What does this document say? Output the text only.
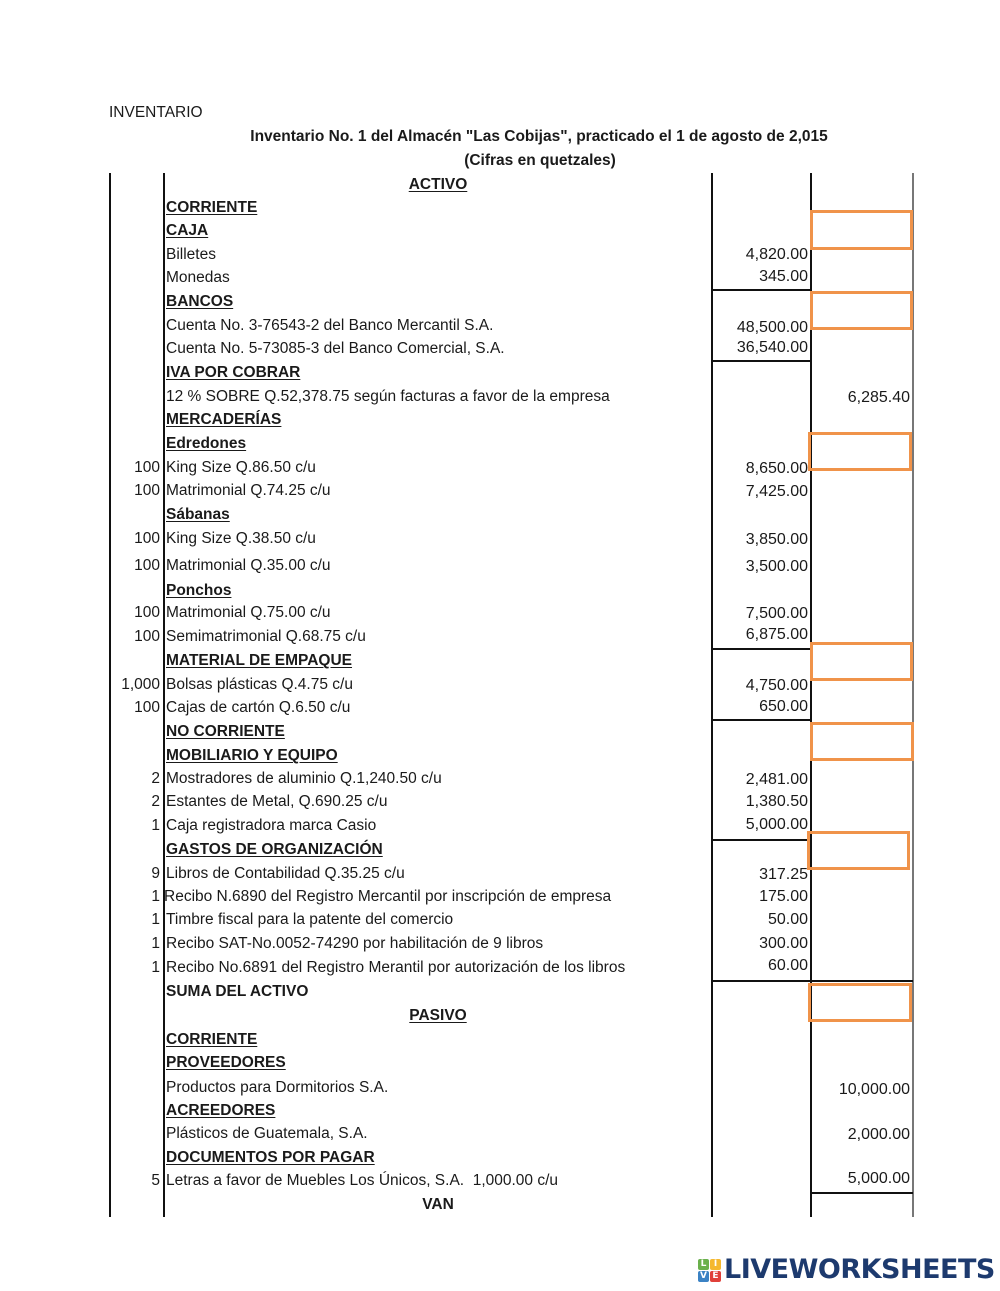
INVENTARIO
Inventario No. 1 del Almacén "Las Cobijas", practicado el 1 de agosto de 2,015
(Cifras en quetzales)
ACTIVO
CORRIENTE
CAJA
Billetes	4,820.00
Monedas	345.00
BANCOS
Cuenta No. 3-76543-2 del Banco Mercantil S.A.	48,500.00
Cuenta No. 5-73085-3 del Banco Comercial, S.A.	36,540.00
IVA POR COBRAR
12 % SOBRE Q.52,378.75 según facturas a favor de la empresa	6,285.40
MERCADERÍAS
Edredones
100 King Size Q.86.50 c/u	8,650.00
100 Matrimonial Q.74.25 c/u	7,425.00
Sábanas
100 King Size Q.38.50 c/u	3,850.00
100 Matrimonial Q.35.00 c/u	3,500.00
Ponchos
100 Matrimonial Q.75.00 c/u	7,500.00
100 Semimatrimonial Q.68.75 c/u	6,875.00
MATERIAL DE EMPAQUE
1,000 Bolsas plásticas Q.4.75 c/u	4,750.00
100 Cajas de cartón Q.6.50 c/u	650.00
NO CORRIENTE
MOBILIARIO Y EQUIPO
2 Mostradores de aluminio Q.1,240.50 c/u	2,481.00
2 Estantes de Metal, Q.690.25 c/u	1,380.50
1 Caja registradora marca Casio	5,000.00
GASTOS DE ORGANIZACIÓN
9 Libros de Contabilidad Q.35.25 c/u	317.25
1 Recibo N.6890 del Registro Mercantil por inscripción de empresa	175.00
1 Timbre fiscal para la patente del comercio	50.00
1 Recibo SAT-No.0052-74290 por habilitación de 9 libros	300.00
1 Recibo No.6891 del Registro Merantil por autorización de los libros	60.00
SUMA DEL ACTIVO
PASIVO
CORRIENTE
PROVEEDORES
Productos para Dormitorios S.A.	10,000.00
ACREEDORES
Plásticos de Guatemala, S.A.	2,000.00
DOCUMENTOS POR PAGAR
5 Letras a favor de Muebles Los Únicos, S.A.  1,000.00 c/u	5,000.00
VAN
L I
V E LIVEWORKSHEETS
